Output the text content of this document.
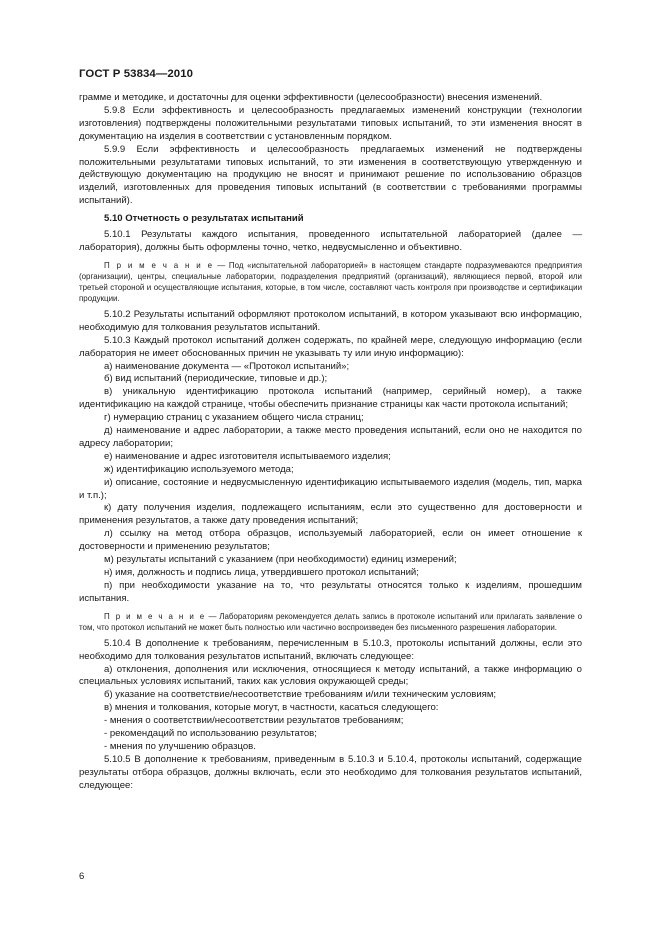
ГОСТ Р 53834—2010

грамме и методике, и достаточны для оценки эффективности (целесообразности) внесения изменений.

5.9.8 Если эффективность и целесообразность предлагаемых изменений конструкции (технологии изготовления) подтверждены положительными результатами типовых испытаний, то эти изменения вносят в документацию на изделия в соответствии с установленным порядком.

5.9.9 Если эффективность и целесообразность предлагаемых изменений не подтверждены положительными результатами типовых испытаний, то эти изменения в соответствующую утвержденную и действующую документацию на продукцию не вносят и принимают решение по использованию образцов изделий, изготовленных для проведения типовых испытаний (в соответствии с требованиями программы испытаний).

5.10 Отчетность о результатах испытаний

5.10.1 Результаты каждого испытания, проведенного испытательной лабораторией (далее — лаборатория), должны быть оформлены точно, четко, недвусмысленно и объективно.

П р и м е ч а н и е — Под «испытательной лабораторией» в настоящем стандарте подразумеваются предприятия (организации), центры, специальные лаборатории, подразделения предприятий (организаций), являющиеся первой, второй или третьей стороной и осуществляющие испытания, которые, в том числе, составляют часть контроля при производстве и сертификации продукции.

5.10.2 Результаты испытаний оформляют протоколом испытаний, в котором указывают всю информацию, необходимую для толкования результатов испытаний.

5.10.3 Каждый протокол испытаний должен содержать, по крайней мере, следующую информацию (если лаборатория не имеет обоснованных причин не указывать ту или иную информацию):

а) наименование документа — «Протокол испытаний»;

б) вид испытаний (периодические, типовые и др.);

в) уникальную идентификацию протокола испытаний (например, серийный номер), а также идентификацию на каждой странице, чтобы обеспечить признание страницы как части протокола испытаний;

г) нумерацию страниц с указанием общего числа страниц;

д) наименование и адрес лаборатории, а также место проведения испытаний, если оно не находится по адресу лаборатории;

е) наименование и адрес изготовителя испытываемого изделия;

ж) идентификацию используемого метода;

и) описание, состояние и недвусмысленную идентификацию испытываемого изделия (модель, тип, марка и т.п.);

к) дату получения изделия, подлежащего испытаниям, если это существенно для достоверности и применения результатов, а также дату проведения испытаний;

л) ссылку на метод отбора образцов, используемый лабораторией, если он имеет отношение к достоверности и применению результатов;

м) результаты испытаний с указанием (при необходимости) единиц измерений;

н) имя, должность и подпись лица, утвердившего протокол испытаний;

п) при необходимости указание на то, что результаты относятся только к изделиям, прошедшим испытания.

П р и м е ч а н и е — Лабораториям рекомендуется делать запись в протоколе испытаний или прилагать заявление о том, что протокол испытаний не может быть полностью или частично воспроизведен без письменного разрешения лаборатории.

5.10.4 В дополнение к требованиям, перечисленным в 5.10.3, протоколы испытаний должны, если это необходимо для толкования результатов испытаний, включать следующее:

а) отклонения, дополнения или исключения, относящиеся к методу испытаний, а также информацию о специальных условиях испытаний, таких как условия окружающей среды;

б) указание на соответствие/несоответствие требованиям и/или техническим условиям;

в) мнения и толкования, которые могут, в частности, касаться следующего:

- мнения о соответствии/несоответствии результатов требованиям;

- рекомендаций по использованию результатов;

- мнения по улучшению образцов.

5.10.5 В дополнение к требованиям, приведенным в 5.10.3 и 5.10.4, протоколы испытаний, содержащие результаты отбора образцов, должны включать, если это необходимо для толкования результатов испытаний, следующее:

6
